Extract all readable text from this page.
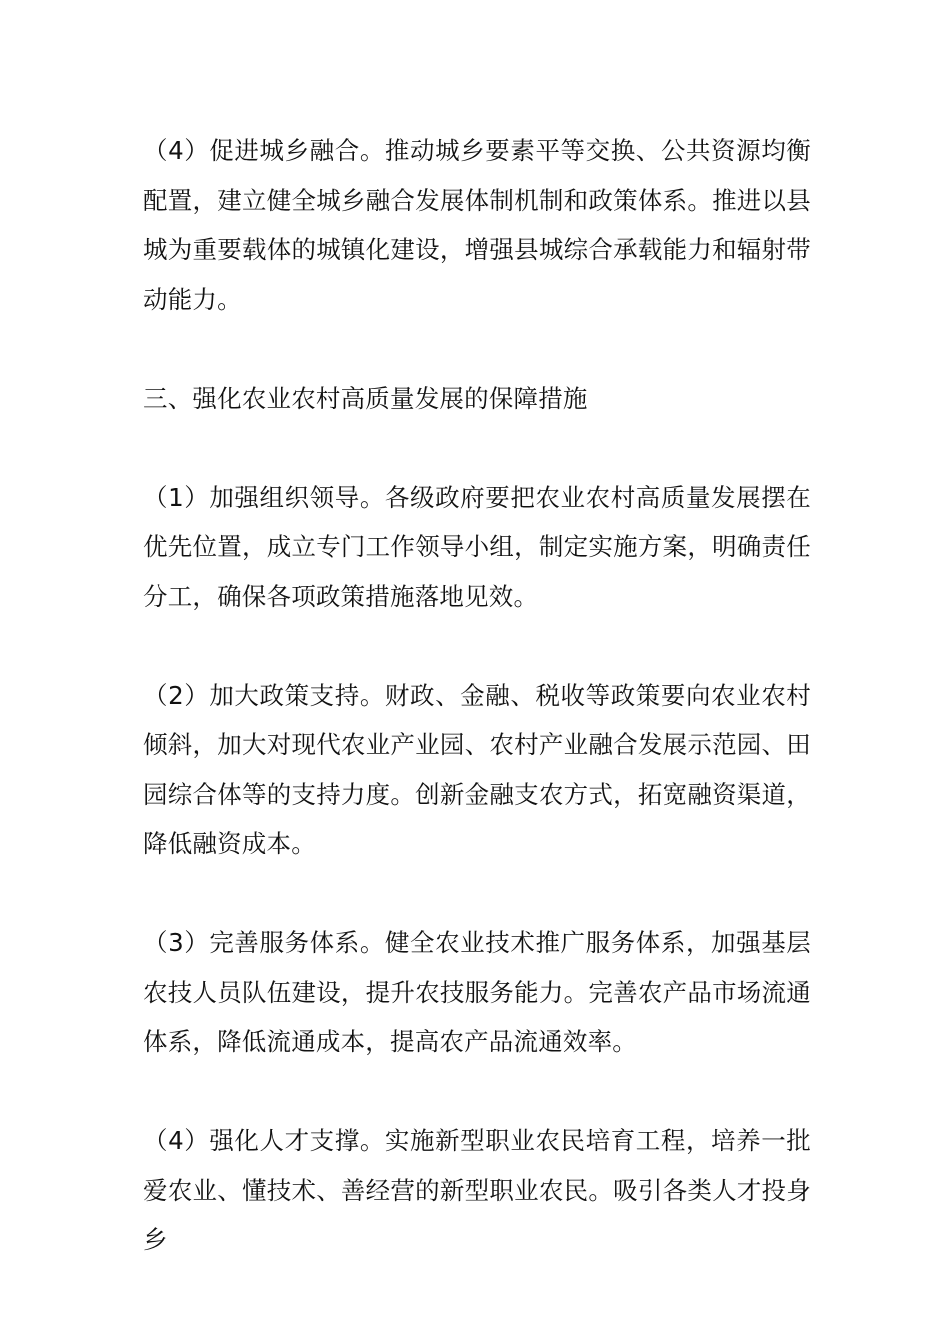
（4）促进城乡融合。推动城乡要素平等交换、公共资源均衡配置，建立健全城乡融合发展体制机制和政策体系。推进以县城为重要载体的城镇化建设，增强县城综合承载能力和辐射带动能力。

三、强化农业农村高质量发展的保障措施

（1）加强组织领导。各级政府要把农业农村高质量发展摆在优先位置，成立专门工作领导小组，制定实施方案，明确责任分工，确保各项政策措施落地见效。

（2）加大政策支持。财政、金融、税收等政策要向农业农村倾斜，加大对现代农业产业园、农村产业融合发展示范园、田园综合体等的支持力度。创新金融支农方式，拓宽融资渠道，降低融资成本。

（3）完善服务体系。健全农业技术推广服务体系，加强基层农技人员队伍建设，提升农技服务能力。完善农产品市场流通体系，降低流通成本，提高农产品流通效率。

（4）强化人才支撑。实施新型职业农民培育工程，培养一批爱农业、懂技术、善经营的新型职业农民。吸引各类人才投身乡
